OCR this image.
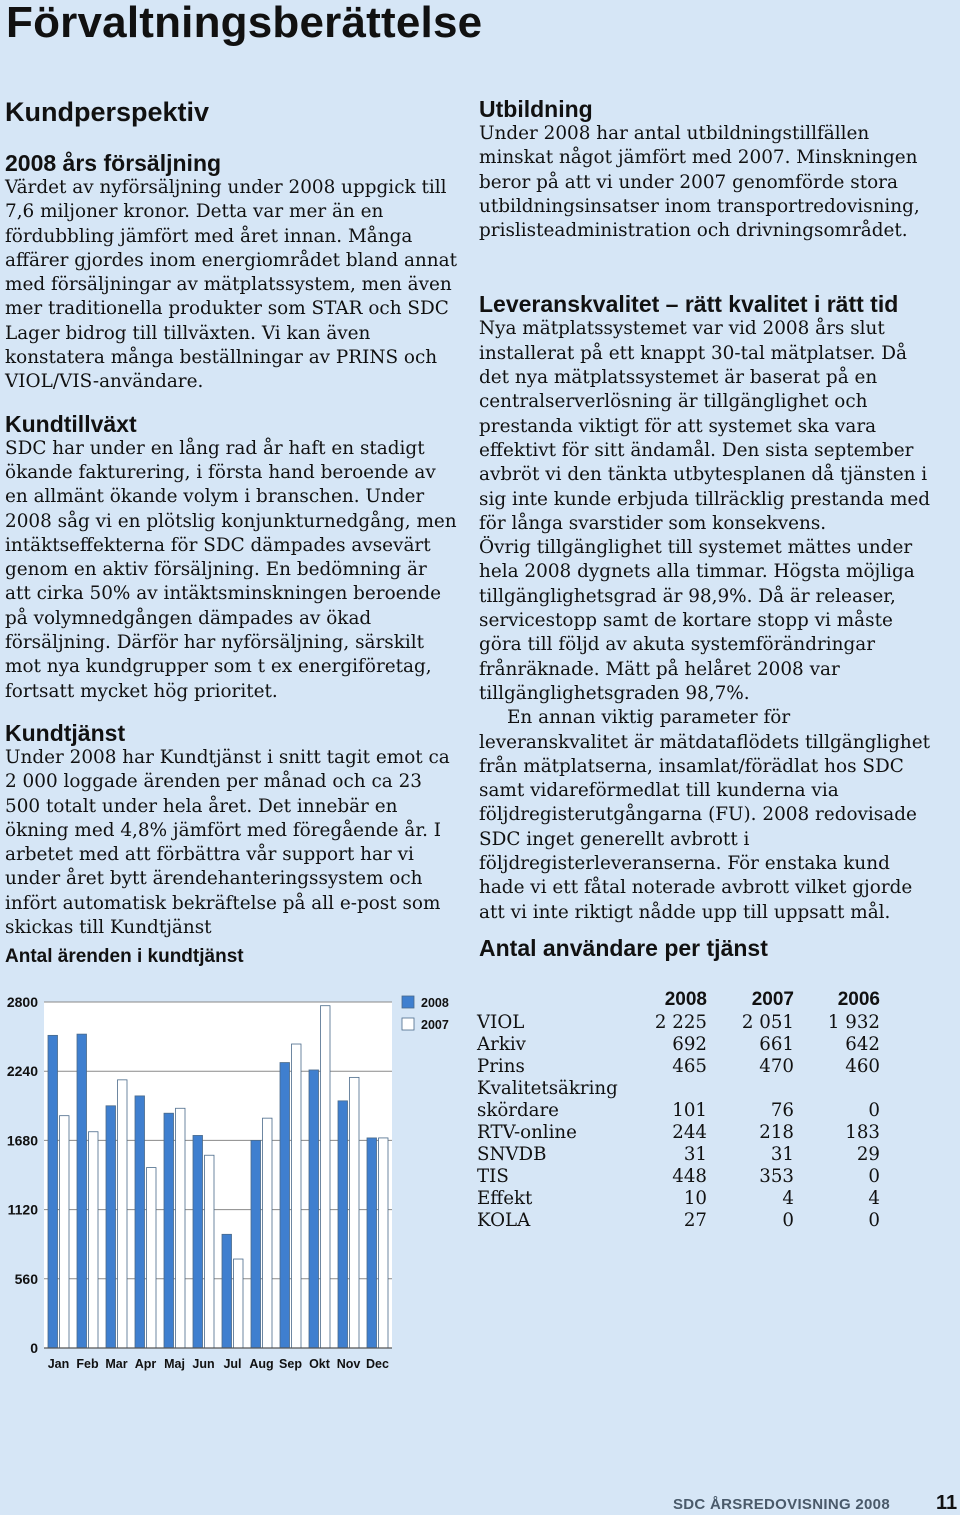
Förvaltningsberättelse
Kundperspektiv
2008 års försäljning

Värdet av nyförsäljning under 2008 uppgick till 7,6 miljoner kronor. Detta var mer än en fördubbling jämfört med året innan. Många affärer gjordes inom energiområdet bland annat med försäljningar av mätplatssystem, men även mer traditionella produkter som STAR och SDC Lager bidrog till tillväxten. Vi kan även konstatera många beställningar av PRINS och VIOL/VIS-användare.

Kundtillväxt

SDC har under en lång rad år haft en stadigt ökande fakturering, i första hand beroende av en allmänt ökande volym i branschen. Under 2008 såg vi en plötslig konjunkturnedgång, men intäktseffekterna för SDC dämpades avsevärt genom en aktiv försäljning. En bedömning är att cirka 50% av intäktsminskningen beroende på volymnedgången dämpades av ökad försäljning. Därför har nyförsäljning, särskilt mot nya kundgrupper som t ex energiföretag, fortsatt mycket hög prioritet.

Kundtjänst

Under 2008 har Kundtjänst i snitt tagit emot ca 2 000 loggade ärenden per månad och ca 23 500 totalt under hela året. Det innebär en ökning med 4,8% jämfört med föregående år. I arbetet med att förbättra vår support har vi under året bytt ärendehanteringssystem och infört automatisk bekräftelse på all e-post som skickas till Kundtjänst

Utbildning

Under 2008 har antal utbildningstillfällen minskat något jämfört med 2007. Minskningen beror på att vi under 2007 genomförde stora utbildningsinsatser inom transportredovisning, prislisteadministration och drivningsområdet.

Leveranskvalitet – rätt kvalitet i rätt tid

Nya mätplatssystemet var vid 2008 års slut installerat på ett knappt 30-tal mätplatser. Då det nya mätplatssystemet är baserat på en centralserverlösning är tillgänglighet och prestanda viktigt för att systemet ska vara effektivt för sitt ändamål. Den sista september avbröt vi den tänkta utbytesplanen då tjänsten i sig inte kunde erbjuda tillräcklig prestanda med för långa svarstider som konsekvens.

Övrig tillgänglighet till systemet mättes under hela 2008 dygnets alla timmar. Högsta möjliga tillgänglighetsgrad är 98,9%. Då är releaser, servicestopp samt de kortare stopp vi måste göra till följd av akuta systemförändringar frånräknade. Mätt på helåret 2008 var tillgänglighetsgraden 98,7%.

En annan viktig parameter för leveranskvalitet är mätdataflödets tillgänglighet från mätplatserna, insamlat/förädlat hos SDC samt vidareförmedlat till kunderna via följdregisterutgångarna (FU). 2008 redovisade SDC inget generellt avbrott i följdregisterleveranserna. För enstaka kund hade vi ett fåtal noterade avbrott vilket gjorde att vi inte riktigt nådde upp till uppsatt mål.

Antal ärenden i kundtjänst
0
560
1120
1680
2240
2800
Jan Feb Mar Apr Maj Jun Jul Aug Sep Okt Nov Dec
2008
2007
Antal användare per tjänst
	2008	2007	2006
VIOL	2 225	2 051	1 932
Arkiv	692	661	642
Prins	465	470	460
Kvalitetsäkring			
skördare	101	76	0
RTV-online	244	218	183
SNVDB	31	31	29
TIS	448	353	0
Effekt	10	4	4
KOLA	27	0	0
SDC ÅRSREDOVISNING 2008 11
